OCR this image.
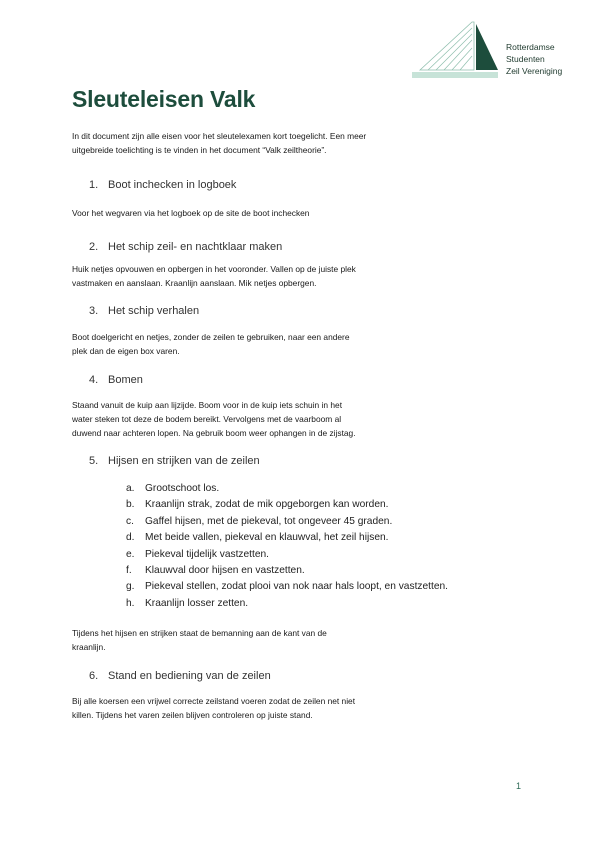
Rotterdamse
Studenten
Zeil Vereniging
Sleuteleisen Valk
In dit document zijn alle eisen voor het sleutelexamen kort toegelicht. Een meer
uitgebreide toelichting is te vinden in het document “Valk zeiltheorie”.
1. Boot inchecken in logboek
Voor het wegvaren via het logboek op de site de boot inchecken
2. Het schip zeil- en nachtklaar maken
Huik netjes opvouwen en opbergen in het vooronder. Vallen op de juiste plek
vastmaken en aanslaan. Kraanlijn aanslaan. Mik netjes opbergen.
3. Het schip verhalen
Boot doelgericht en netjes, zonder de zeilen te gebruiken, naar een andere
plek dan de eigen box varen.
4. Bomen
Staand vanuit de kuip aan lijzijde. Boom voor in de kuip iets schuin in het
water steken tot deze de bodem bereikt. Vervolgens met de vaarboom al
duwend naar achteren lopen. Na gebruik boom weer ophangen in de zijstag.
5. Hijsen en strijken van de zeilen
a. Grootschoot los.
b. Kraanlijn strak, zodat de mik opgeborgen kan worden.
c. Gaffel hijsen, met de piekeval, tot ongeveer 45 graden.
d. Met beide vallen, piekeval en klauwval, het zeil hijsen.
e. Piekeval tijdelijk vastzetten.
f. Klauwval door hijsen en vastzetten.
g. Piekeval stellen, zodat plooi van nok naar hals loopt, en vastzetten.
h. Kraanlijn losser zetten.
Tijdens het hijsen en strijken staat de bemanning aan de kant van de
kraanlijn.
6. Stand en bediening van de zeilen
Bij alle koersen een vrijwel correcte zeilstand voeren zodat de zeilen net niet
killen. Tijdens het varen zeilen blijven controleren op juiste stand.
1
